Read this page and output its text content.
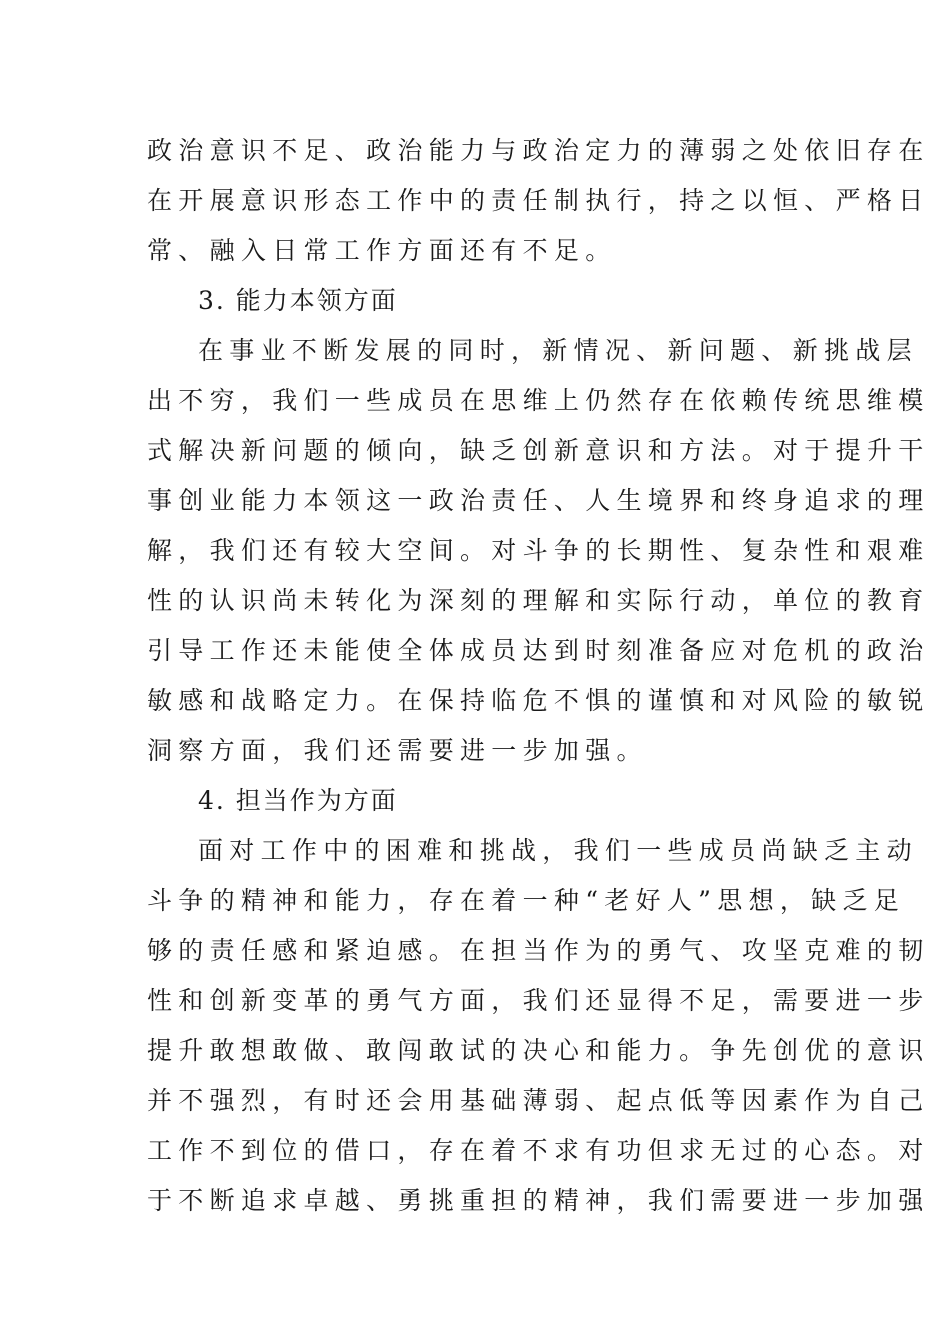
政治意识不足、政治能力与政治定力的薄弱之处依旧存在
在开展意识形态工作中的责任制执行，持之以恒、严格日
常、融入日常工作方面还有不足。
3. 能力本领方面
在事业不断发展的同时，新情况、新问题、新挑战层
出不穷，我们一些成员在思维上仍然存在依赖传统思维模
式解决新问题的倾向，缺乏创新意识和方法。对于提升干
事创业能力本领这一政治责任、人生境界和终身追求的理
解，我们还有较大空间。对斗争的长期性、复杂性和艰难
性的认识尚未转化为深刻的理解和实际行动，单位的教育
引导工作还未能使全体成员达到时刻准备应对危机的政治
敏感和战略定力。在保持临危不惧的谨慎和对风险的敏锐
洞察方面，我们还需要进一步加强。
4. 担当作为方面
面对工作中的困难和挑战，我们一些成员尚缺乏主动
斗争的精神和能力，存在着一种“老好人”思想，缺乏足
够的责任感和紧迫感。在担当作为的勇气、攻坚克难的韧
性和创新变革的勇气方面，我们还显得不足，需要进一步
提升敢想敢做、敢闯敢试的决心和能力。争先创优的意识
并不强烈，有时还会用基础薄弱、起点低等因素作为自己
工作不到位的借口，存在着不求有功但求无过的心态。对
于不断追求卓越、勇挑重担的精神，我们需要进一步加强
